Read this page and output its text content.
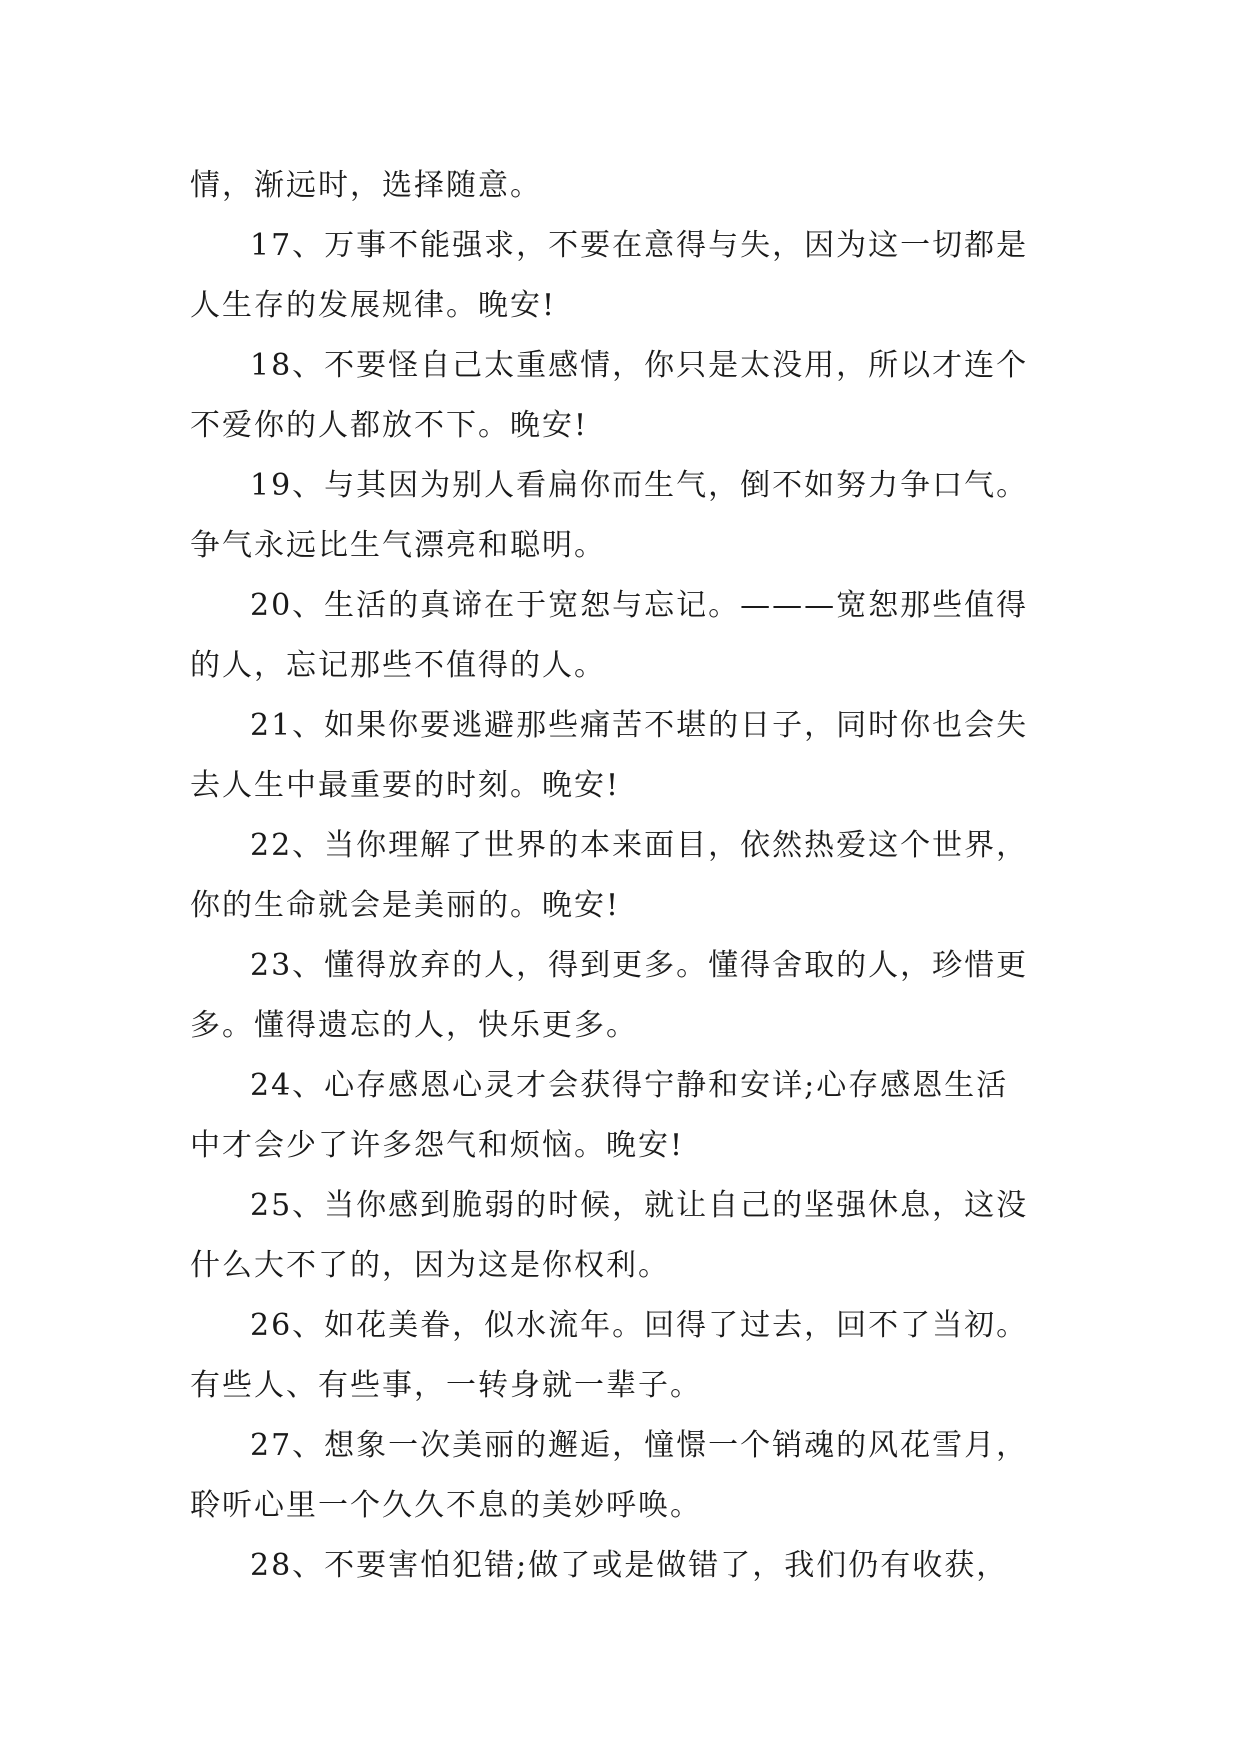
情，渐远时，选择随意。
17、万事不能强求，不要在意得与失，因为这一切都是
人生存的发展规律。晚安!
18、不要怪自己太重感情，你只是太没用，所以才连个
不爱你的人都放不下。晚安!
19、与其因为别人看扁你而生气，倒不如努力争口气。
争气永远比生气漂亮和聪明。
20、生活的真谛在于宽恕与忘记。———宽恕那些值得
的人，忘记那些不值得的人。
21、如果你要逃避那些痛苦不堪的日子，同时你也会失
去人生中最重要的时刻。晚安!
22、当你理解了世界的本来面目，依然热爱这个世界，
你的生命就会是美丽的。晚安!
23、懂得放弃的人，得到更多。懂得舍取的人，珍惜更
多。懂得遗忘的人，快乐更多。
24、心存感恩心灵才会获得宁静和安详;心存感恩生活
中才会少了许多怨气和烦恼。晚安!
25、当你感到脆弱的时候，就让自己的坚强休息，这没
什么大不了的，因为这是你权利。
26、如花美眷，似水流年。回得了过去，回不了当初。
有些人、有些事，一转身就一辈子。
27、想象一次美丽的邂逅，憧憬一个销魂的风花雪月，
聆听心里一个久久不息的美妙呼唤。
28、不要害怕犯错;做了或是做错了，我们仍有收获，
